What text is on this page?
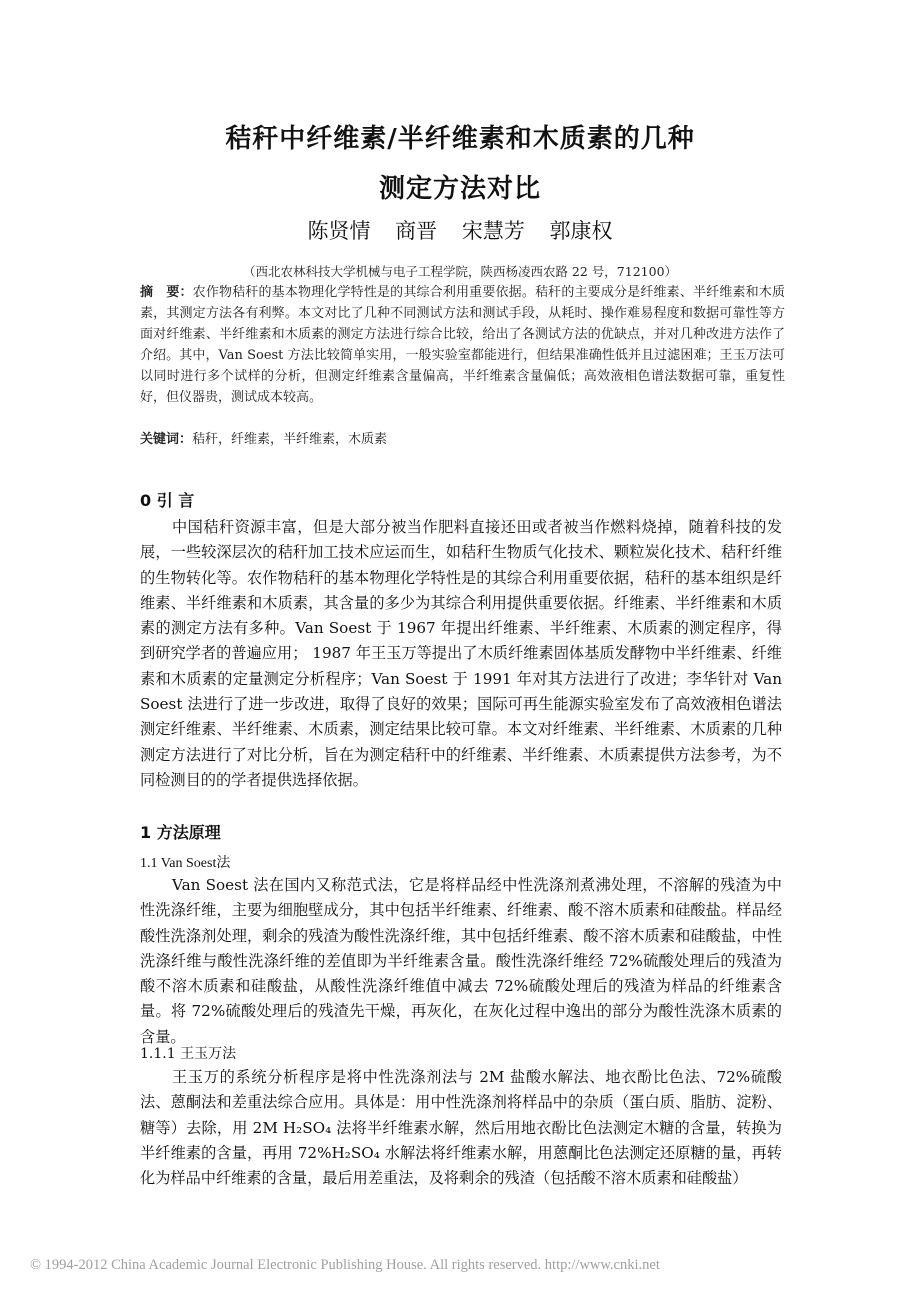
秸秆中纤维素/半纤维素和木质素的几种
测定方法对比
陈贤情 商晋 宋慧芳 郭康权
（西北农林科技大学机械与电子工程学院，陕西杨凌西农路 22 号，712100）
摘　要：农作物秸秆的基本物理化学特性是的其综合利用重要依据。秸秆的主要成分是纤维素、半纤维素和木质素，其测定方法各有利弊。本文对比了几种不同测试方法和测试手段，从耗时、操作难易程度和数据可靠性等方面对纤维素、半纤维素和木质素的测定方法进行综合比较，给出了各测试方法的优缺点，并对几种改进方法作了介绍。其中，Van Soest 方法比较简单实用，一般实验室都能进行，但结果准确性低并且过滤困难；王玉万法可以同时进行多个试样的分析，但测定纤维素含量偏高，半纤维素含量偏低；高效液相色谱法数据可靠，重复性好，但仪器贵，测试成本较高。
关键词：秸秆，纤维素，半纤维素，木质素
0 引 言
中国秸秆资源丰富，但是大部分被当作肥料直接还田或者被当作燃料烧掉，随着科技的发展，一些较深层次的秸秆加工技术应运而生，如秸秆生物质气化技术、颗粒炭化技术、秸秆纤维的生物转化等。农作物秸秆的基本物理化学特性是的其综合利用重要依据，秸秆的基本组织是纤维素、半纤维素和木质素，其含量的多少为其综合利用提供重要依据。纤维素、半纤维素和木质素的测定方法有多种。Van Soest 于 1967 年提出纤维素、半纤维素、木质素的测定程序，得到研究学者的普遍应用； 1987 年王玉万等提出了木质纤维素固体基质发酵物中半纤维素、纤维素和木质素的定量测定分析程序；Van Soest 于 1991 年对其方法进行了改进；李华针对 Van Soest 法进行了进一步改进，取得了良好的效果；国际可再生能源实验室发布了高效液相色谱法测定纤维素、半纤维素、木质素，测定结果比较可靠。本文对纤维素、半纤维素、木质素的几种测定方法进行了对比分析，旨在为测定秸秆中的纤维素、半纤维素、木质素提供方法参考，为不同检测目的的学者提供选择依据。
1 方法原理
1.1 Van Soest法
Van Soest 法在国内又称范式法，它是将样品经中性洗涤剂煮沸处理，不溶解的残渣为中性洗涤纤维，主要为细胞壁成分，其中包括半纤维素、纤维素、酸不溶木质素和硅酸盐。样品经酸性洗涤剂处理，剩余的残渣为酸性洗涤纤维，其中包括纤维素、酸不溶木质素和硅酸盐，中性洗涤纤维与酸性洗涤纤维的差值即为半纤维素含量。酸性洗涤纤维经 72%硫酸处理后的残渣为酸不溶木质素和硅酸盐，从酸性洗涤纤维值中减去 72%硫酸处理后的残渣为样品的纤维素含量。将 72%硫酸处理后的残渣先干燥，再灰化，在灰化过程中逸出的部分为酸性洗涤木质素的含量。
1.1.1 王玉万法
王玉万的系统分析程序是将中性洗涤剂法与 2M 盐酸水解法、地衣酚比色法、72%硫酸法、蒽酮法和差重法综合应用。具体是：用中性洗涤剂将样品中的杂质（蛋白质、脂肪、淀粉、糖等）去除，用 2M H₂SO₄ 法将半纤维素水解，然后用地衣酚比色法测定木糖的含量，转换为半纤维素的含量，再用 72%H₂SO₄ 水解法将纤维素水解，用蒽酮比色法测定还原糖的量，再转化为样品中纤维素的含量，最后用差重法，及将剩余的残渣（包括酸不溶木质素和硅酸盐）
© 1994-2012 China Academic Journal Electronic Publishing House. All rights reserved. http://www.cnki.net
